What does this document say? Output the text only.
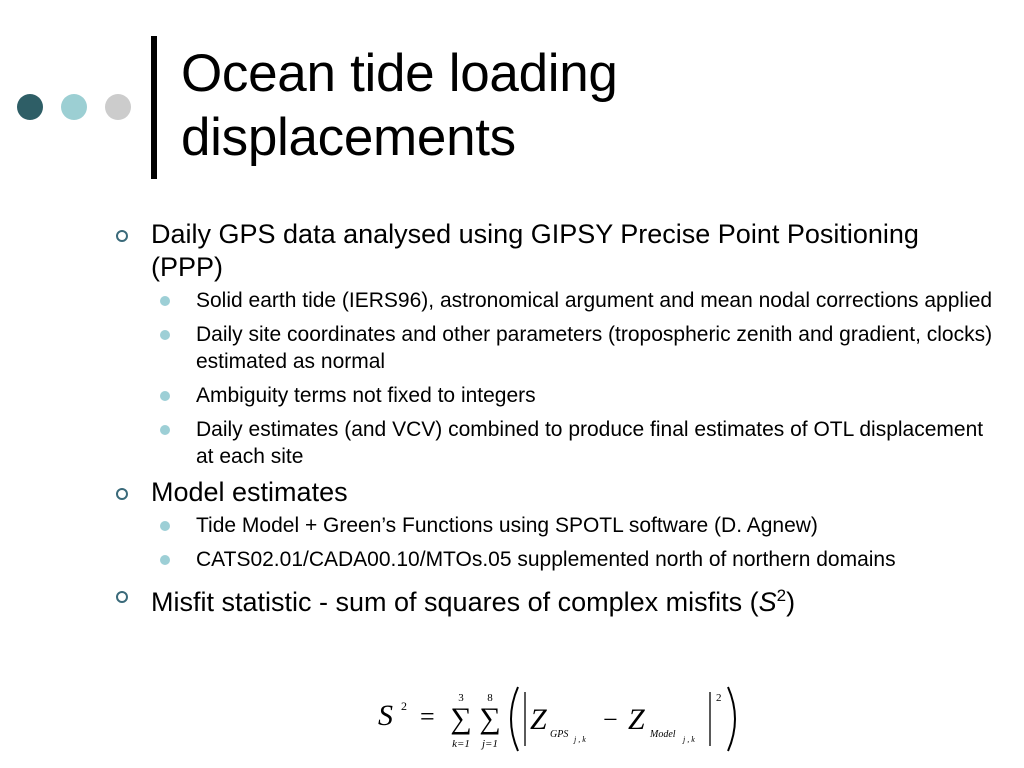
Ocean tide loading
displacements
Daily GPS data analysed using GIPSY Precise Point Positioning (PPP)
Solid earth tide (IERS96), astronomical argument and mean nodal corrections applied
Daily site coordinates and other parameters (tropospheric zenith and gradient, clocks) estimated as normal
Ambiguity terms not fixed to integers
Daily estimates (and VCV) combined to produce final estimates of OTL displacement at each site
Model estimates
Tide Model + Green’s Functions using SPOTL software (D. Agnew)
CATS02.01/CADA00.10/MTOs.05 supplemented north of northern domains
Misfit statistic - sum of squares of complex misfits $(S^2)$
S 2 =
3
∑
k=1
8
∑
j=1
Z GPS j , k
− Z Model j , k
2
